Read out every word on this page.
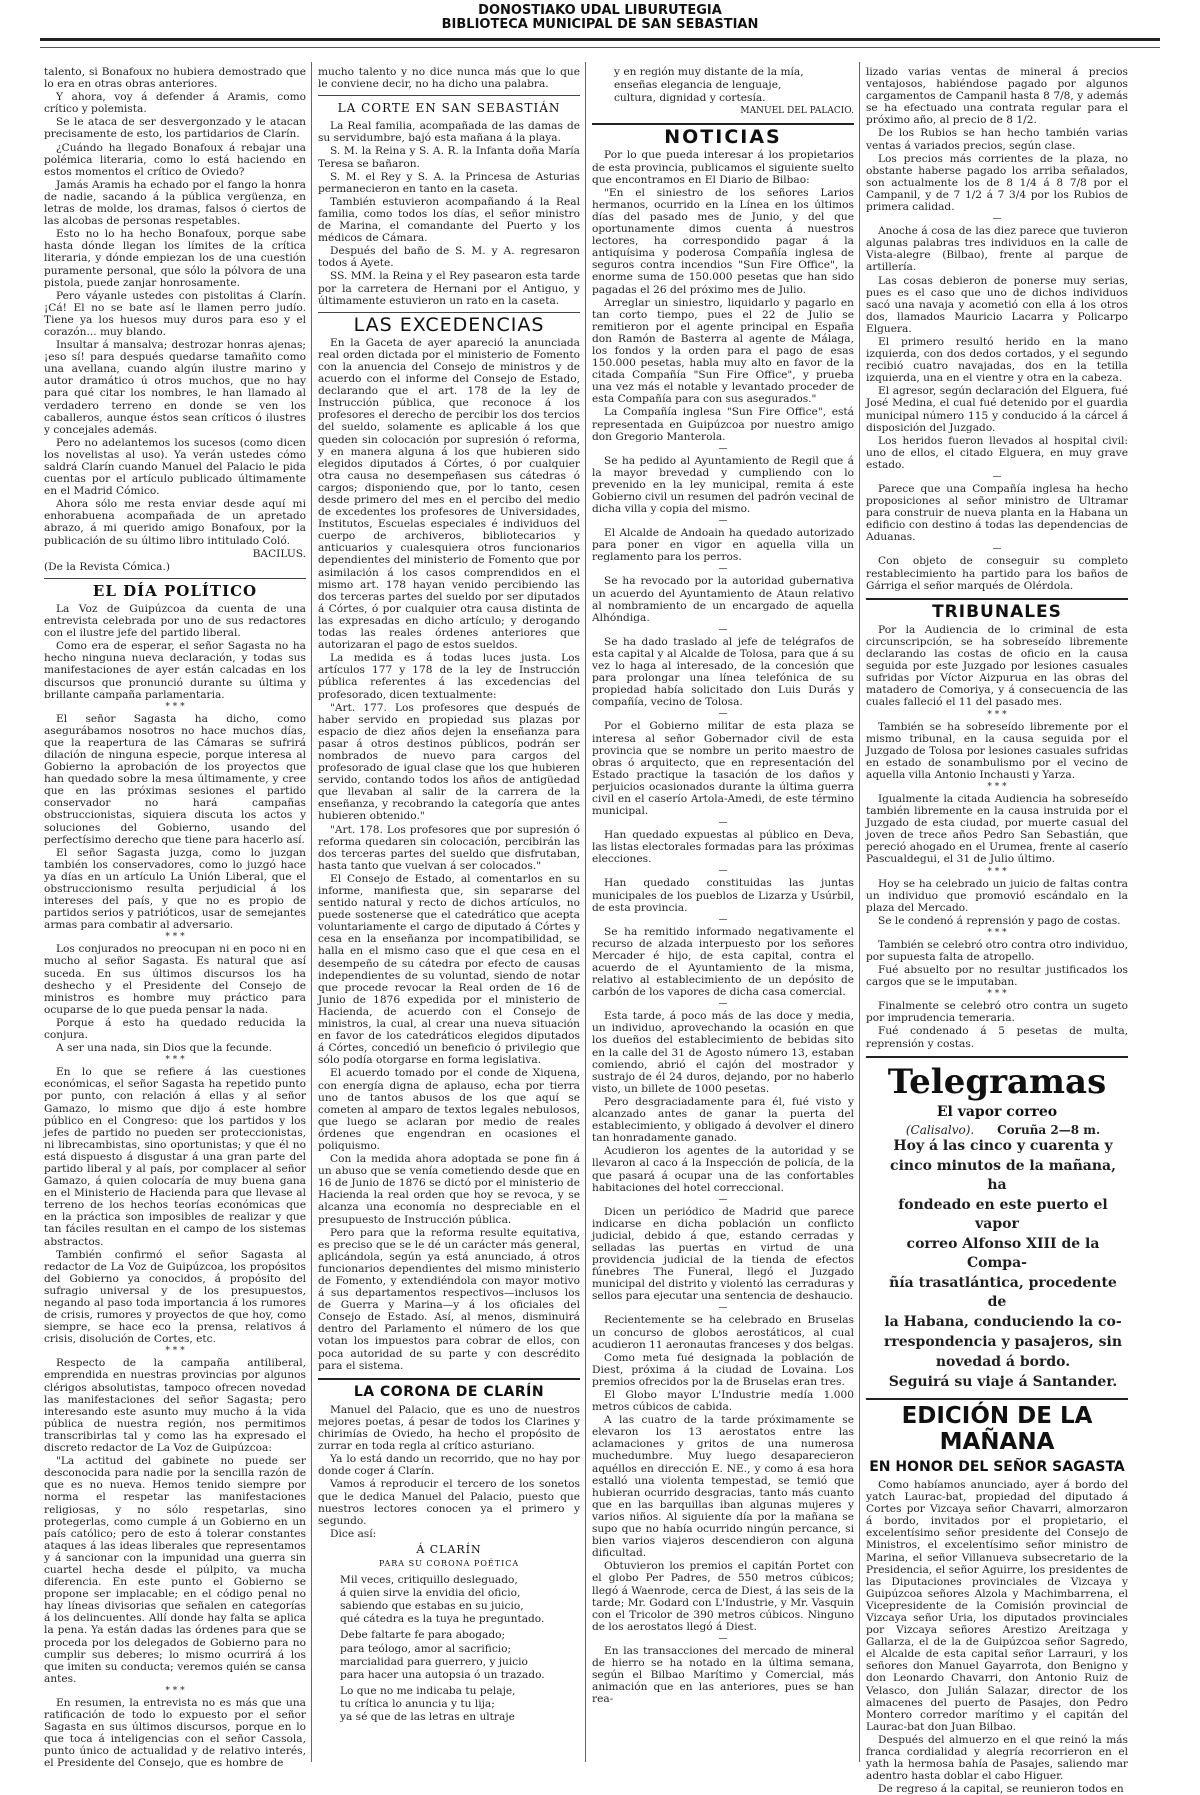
DONOSTIAKO UDAL LIBURUTEGIA
BIBLIOTECA MUNICIPAL DE SAN SEBASTIAN

talento, si Bonafoux no hubiera demostrado que lo era en otras obras anteriores.

Y ahora, voy á defender á Aramis, como crítico y polemista.

Se le ataca de ser desvergonzado y le atacan precisamente de esto, los partidarios de Clarín.

¿Cuándo ha llegado Bonafoux á rebajar una polémica literaria, como lo está haciendo en estos momentos el crítico de Oviedo?

Jamás Aramis ha echado por el fango la honra de nadie, sacando á la pública vergüenza, en letras de molde, los dramas, falsos ó ciertos de las alcobas de personas respetables.

Esto no lo ha hecho Bonafoux, porque sabe hasta dónde llegan los límites de la crítica literaria, y dónde empiezan los de una cuestión puramente personal, que sólo la pólvora de una pistola, puede zanjar honrosamente.

Pero váyanle ustedes con pistolitas á Clarín. ¡Cá! El no se bate así le llamen perro judío. Tiene ya los huesos muy duros para eso y el corazón... muy blando.

Insultar á mansalva; destrozar honras ajenas; ¡eso sí! para después quedarse tamañito como una avellana, cuando algún ilustre marino y autor dramático ú otros muchos, que no hay para qué citar los nombres, le han llamado al verdadero terreno en donde se ven los caballeros, aunque éstos sean críticos ó ilustres y concejales además.

Pero no adelantemos los sucesos (como dicen los novelistas al uso). Ya verán ustedes cómo saldrá Clarín cuando Manuel del Palacio le pida cuentas por el artículo publicado últimamente en el Madrid Cómico.

Ahora sólo me resta enviar desde aquí mi enhorabuena acompañada de un apretado abrazo, á mi querido amigo Bonafoux, por la publicación de su último libro intitulado Coló.

BACILUS.

(De la Revista Cómica.)

EL DÍA POLÍTICO

La Voz de Guipúzcoa da cuenta de una entrevista celebrada por uno de sus redactores con el ilustre jefe del partido liberal.

Como era de esperar, el señor Sagasta no ha hecho ninguna nueva declaración, y todas sus manifestaciones de ayer están calcadas en los discursos que pronunció durante su última y brillante campaña parlamentaria.

* * *

El señor Sagasta ha dicho, como asegurábamos nosotros no hace muchos días, que la reapertura de las Cámaras se sufrirá dilación de ninguna especie, porque interesa al Gobierno la aprobación de los proyectos que han quedado sobre la mesa últimamente, y cree que en las próximas sesiones el partido conservador no hará campañas obstruccionistas, siquiera discuta los actos y soluciones del Gobierno, usando del perfectísimo derecho que tiene para hacerlo así.

El señor Sagasta juzga, como lo juzgan también los conservadores, como lo juzgó hace ya días en un artículo La Unión Liberal, que el obstruccionismo resulta perjudicial á los intereses del país, y que no es propio de partidos serios y patrióticos, usar de semejantes armas para combatir al adversario.

* * *

Los conjurados no preocupan ni en poco ni en mucho al señor Sagasta. Es natural que así suceda. En sus últimos discursos los ha deshecho y el Presidente del Consejo de ministros es hombre muy práctico para ocuparse de lo que pueda pensar la nada.

Porque á esto ha quedado reducida la conjura.

A ser una nada, sin Dios que la fecunde.

* * *

En lo que se refiere á las cuestiones económicas, el señor Sagasta ha repetido punto por punto, con relación á ellas y al señor Gamazo, lo mismo que dijo á este hombre público en el Congreso: que los partidos y los jefes de partido no pueden ser proteccionistas, ni librecambistas, sino oportunistas; y que él no está dispuesto á disgustar á una gran parte del partido liberal y al país, por complacer al señor Gamazo, á quien colocaría de muy buena gana en el Ministerio de Hacienda para que llevase al terreno de los hechos teorías económicas que en la práctica son imposibles de realizar y que tan fáciles resultan en el campo de los sistemas abstractos.

También confirmó el señor Sagasta al redactor de La Voz de Guipúzcoa, los propósitos del Gobierno ya conocidos, á propósito del sufragio universal y de los presupuestos, negando al paso toda importancia á los rumores de crisis, rumores y proyectos de que hoy, como siempre, se hace eco la prensa, relativos á crisis, disolución de Cortes, etc.

* * *

Respecto de la campaña antiliberal, emprendida en nuestras provincias por algunos clérigos absolutistas, tampoco ofrecen novedad las manifestaciones del señor Sagasta; pero interesando este asunto muy mucho á la vida pública de nuestra región, nos permitimos transcribirlas tal y como las ha expresado el discreto redactor de La Voz de Guipúzcoa:

"La actitud del gabinete no puede ser desconocida para nadie por la sencilla razón de que es no nueva. Hemos tenido siempre por norma el respetar las manifestaciones religiosas, y no sólo respetarlas, sino protegerlas, como cumple á un Gobierno en un país católico; pero de esto á tolerar constantes ataques á las ideas liberales que representamos y á sancionar con la impunidad una guerra sin cuartel hecha desde el púlpito, va mucha diferencia. En este punto el Gobierno se propone ser implacable; en el código penal no hay líneas divisorias que señalen en categorías á los delincuentes. Allí donde hay falta se aplica la pena. Ya están dadas las órdenes para que se proceda por los delegados de Gobierno para no cumplir sus deberes; lo mismo ocurrirá á los que imiten su conducta; veremos quién se cansa antes.

* * *

En resumen, la entrevista no es más que una ratificación de todo lo expuesto por el señor Sagasta en sus últimos discursos, porque en lo que toca á inteligencias con el señor Cassola, punto único de actualidad y de relativo interés, el Presidente del Consejo, que es hombre de

mucho talento y no dice nunca más que lo que le conviene decir, no ha dicho una palabra.

LA CORTE EN SAN SEBASTIÁN

La Real familia, acompañada de las damas de su servidumbre, bajó esta mañana á la playa.

S. M. la Reina y S. A. R. la Infanta doña María Teresa se bañaron.

S. M. el Rey y S. A. la Princesa de Asturias permanecieron en tanto en la caseta.

También estuvieron acompañando á la Real familia, como todos los días, el señor ministro de Marina, el comandante del Puerto y los médicos de Cámara.

Después del baño de S. M. y A. regresaron todos á Ayete.

SS. MM. la Reina y el Rey pasearon esta tarde por la carretera de Hernani por el Antiguo, y últimamente estuvieron un rato en la caseta.

LAS EXCEDENCIAS

En la Gaceta de ayer apareció la anunciada real orden dictada por el ministerio de Fomento con la anuencia del Consejo de ministros y de acuerdo con el informe del Consejo de Estado, declarando que el art. 178 de la ley de Instrucción pública, que reconoce á los profesores el derecho de percibir los dos tercios del sueldo, solamente es aplicable á los que queden sin colocación por supresión ó reforma, y en manera alguna á los que hubieren sido elegidos diputados á Córtes, ó por cualquier otra causa no desempeñasen sus cátedras ó cargos; disponiendo que, por lo tanto, cesen desde primero del mes en el percibo del medio de excedentes los profesores de Universidades, Institutos, Escuelas especiales é individuos del cuerpo de archiveros, bibliotecarios y anticuarios y cualesquiera otros funcionarios dependientes del ministerio de Fomento que por asimilación á los casos comprendidos en el mismo art. 178 hayan venido percibiendo las dos terceras partes del sueldo por ser diputados á Córtes, ó por cualquier otra causa distinta de las expresadas en dicho artículo; y derogando todas las reales órdenes anteriores que autorizaran el pago de estos sueldos.

La medida es á todas luces justa. Los artículos 177 y 178 de la ley de Instrucción pública referentes á las excedencias del profesorado, dicen textualmente:

"Art. 177. Los profesores que después de haber servido en propiedad sus plazas por espacio de diez años dejen la enseñanza para pasar á otros destinos públicos, podrán ser nombrados de nuevo para cargos del profesorado de igual clase que los que hubieren servido, contando todos los años de antigüedad que llevaban al salir de la carrera de la enseñanza, y recobrando la categoría que antes hubieren obtenido."

"Art. 178. Los profesores que por supresión ó reforma quedaren sin colocación, percibirán las dos terceras partes del sueldo que disfrutaban, hasta tanto que vuelvan á ser colocados."

El Consejo de Estado, al comentarlos en su informe, manifiesta que, sin separarse del sentido natural y recto de dichos artículos, no puede sostenerse que el catedrático que acepta voluntariamente el cargo de diputado á Córtes y cesa en la enseñanza por incompatibilidad, se halla en el mismo caso que el que cesa en el desempeño de su cátedra por efecto de causas independientes de su voluntad, siendo de notar que procede revocar la Real orden de 16 de Junio de 1876 expedida por el ministerio de Hacienda, de acuerdo con el Consejo de ministros, la cual, al crear una nueva situación en favor de los catedráticos elegidos diputados á Córtes, concedió un beneficio ó privilegio que sólo podía otorgarse en forma legislativa.

El acuerdo tomado por el conde de Xiquena, con energía digna de aplauso, echa por tierra uno de tantos abusos de los que aquí se cometen al amparo de textos legales nebulosos, que luego se aclaran por medio de reales órdenes que engendran en ocasiones el poliquismo.

Con la medida ahora adoptada se pone fin á un abuso que se venía cometiendo desde que en 16 de Junio de 1876 se dictó por el ministerio de Hacienda la real orden que hoy se revoca, y se alcanza una economía no despreciable en el presupuesto de Instrucción pública.

Pero para que la reforma resulte equitativa, es preciso que se le dé un carácter más general, aplicándola, según ya está anunciado, á otros funcionarios dependientes del mismo ministerio de Fomento, y extendiéndola con mayor motivo á sus departamentos respectivos—inclusos los de Guerra y Marina—y á los oficiales del Consejo de Estado. Así, al menos, disminuirá dentro del Parlamento el número de los que votan los impuestos para cobrar de ellos, con poca autoridad de su parte y con descrédito para el sistema.

LA CORONA DE CLARÍN

Manuel del Palacio, que es uno de nuestros mejores poetas, á pesar de todos los Clarines y chirimías de Oviedo, ha hecho el propósito de zurrar en toda regla al crítico asturiano.

Ya lo está dando un recorrido, que no hay por donde coger á Clarín.

Vamos á reproducir el tercero de los sonetos que le dedica Manuel del Palacio, puesto que nuestros lectores conocen ya el primero y segundo.

Dice así:

Á CLARÍN
PARA SU CORONA POÉTICA

Mil veces, critiquillo desleguado,

á quien sirve la envidia del oficio,

sabiendo que estabas en su juicio,

qué cátedra es la tuya he preguntado.

Debe faltarte fe para abogado;

para teólogo, amor al sacrificio;

marcialidad para guerrero, y juicio

para hacer una autopsia ó un trazado.

Lo que no me indicaba tu pelaje,

tu crítica lo anuncia y tu lija;

ya sé que de las letras en ultraje

y en región muy distante de la mía,

enseñas elegancia de lenguaje,

cultura, dignidad y cortesía.

MANUEL DEL PALACIO.

NOTICIAS

Por lo que pueda interesar á los propietarios de esta provincia, publicamos el siguiente suelto que encontramos en El Diario de Bilbao:

"En el siniestro de los señores Larios hermanos, ocurrido en la Línea en los últimos días del pasado mes de Junio, y del que oportunamente dimos cuenta á nuestros lectores, ha correspondido pagar á la antiquísima y poderosa Compañía inglesa de seguros contra incendios "Sun Fire Office", la enorme suma de 150.000 pesetas que han sido pagadas el 26 del próximo mes de Julio.

Arreglar un siniestro, liquidarlo y pagarlo en tan corto tiempo, pues el 22 de Julio se remitieron por el agente principal en España don Ramón de Basterra al agente de Málaga, los fondos y la orden para el pago de esas 150.000 pesetas, habla muy alto en favor de la citada Compañía "Sun Fire Office", y prueba una vez más el notable y levantado proceder de esta Compañía para con sus asegurados."

La Compañía inglesa "Sun Fire Office", está representada en Guipúzcoa por nuestro amigo don Gregorio Manterola.

—

Se ha pedido al Ayuntamiento de Regil que á la mayor brevedad y cumpliendo con lo prevenido en la ley municipal, remita á este Gobierno civil un resumen del padrón vecinal de dicha villa y copia del mismo.

—

El Alcalde de Andoain ha quedado autorizado para poner en vigor en aquella villa un reglamento para los perros.

—

Se ha revocado por la autoridad gubernativa un acuerdo del Ayuntamiento de Ataun relativo al nombramiento de un encargado de aquella Alhóndiga.

—

Se ha dado traslado al jefe de telégrafos de esta capital y al Alcalde de Tolosa, para que á su vez lo haga al interesado, de la concesión que para prolongar una línea telefónica de su propiedad había solicitado don Luis Durás y compañía, vecino de Tolosa.

—

Por el Gobierno militar de esta plaza se interesa al señor Gobernador civil de esta provincia que se nombre un perito maestro de obras ó arquitecto, que en representación del Estado practique la tasación de los daños y perjuicios ocasionados durante la última guerra civil en el caserío Artola-Amedi, de este término municipal.

—

Han quedado expuestas al público en Deva, las listas electorales formadas para las próximas elecciones.

—

Han quedado constituidas las juntas municipales de los pueblos de Lizarza y Usúrbil, de esta provincia.

—

Se ha remitido informado negativamente el recurso de alzada interpuesto por los señores Mercader é hijo, de esta capital, contra el acuerdo de el Ayuntamiento de la misma, relativo al establecimiento de un depósito de carbón de los vapores de dicha casa comercial.

—

Esta tarde, á poco más de las doce y media, un individuo, aprovechando la ocasión en que los dueños del establecimiento de bebidas sito en la calle del 31 de Agosto número 13, estaban comiendo, abrió el cajón del mostrador y sustrajo de él 24 duros, dejando, por no haberlo visto, un billete de 1000 pesetas.

Pero desgraciadamente para él, fué visto y alcanzado antes de ganar la puerta del establecimiento, y obligado á devolver el dinero tan honradamente ganado.

Acudieron los agentes de la autoridad y se llevaron al caco á la Inspección de policía, de la que pasará á ocupar una de las confortables habitaciones del hotel correccional.

—

Dicen un periódico de Madrid que parece indicarse en dicha población un conflicto judicial, debido á que, estando cerradas y selladas las puertas en virtud de una providencia judicial de la tienda de efectos fúnebres The Funeral, llegó el Juzgado municipal del distrito y violentó las cerraduras y sellos para ejecutar una sentencia de deshaucio.

—

Recientemente se ha celebrado en Bruselas un concurso de globos aerostáticos, al cual acudieron 11 aeronautas franceses y dos belgas.

Como meta fué designada la población de Diest, próxima á la ciudad de Lovaina. Los premios ofrecidos por la de Bruselas eran tres.

El Globo mayor L'Industrie medía 1.000 metros cúbicos de cabida.

A las cuatro de la tarde próximamente se elevaron los 13 aerostatos entre las aclamaciones y gritos de una numerosa muchedumbre. Muy luego desaparecieron aquéllos en dirección E. NE., y como á esa hora estalló una violenta tempestad, se temió que hubieran ocurrido desgracias, tanto más cuanto que en las barquillas iban algunas mujeres y varios niños. Al siguiente día por la mañana se supo que no había ocurrido ningún percance, si bien varios viajeros descendieron con alguna dificultad.

Obtuvieron los premios el capitán Portet con el globo Per Padres, de 550 metros cúbicos; llegó á Waenrode, cerca de Diest, á las seis de la tarde; Mr. Godard con L'Industrie, y Mr. Vasquin con el Tricolor de 390 metros cúbicos. Ninguno de los aerostatos llegó á Diest.

—

En las transacciones del mercado de mineral de hierro se ha notado en la última semana, según el Bilbao Marítimo y Comercial, más animación que en las anteriores, pues se han rea-

lizado varias ventas de mineral á precios ventajosos, habiéndose pagado por algunos cargamentos de Campanil hasta 8 7/8, y además se ha efectuado una contrata regular para el próximo año, al precio de 8 1/2.

De los Rubios se han hecho también varias ventas á variados precios, según clase.

Los precios más corrientes de la plaza, no obstante haberse pagado los arriba señalados, son actualmente los de 8 1/4 á 8 7/8 por el Campanil, y de 7 1/2 á 7 3/4 por los Rubios de primera calidad.

—

Anoche á cosa de las diez parece que tuvieron algunas palabras tres individuos en la calle de Vista-alegre (Bilbao), frente al parque de artillería.

Las cosas debieron de ponerse muy serias, pues es el caso que uno de dichos individuos sacó una navaja y acometió con ella á los otros dos, llamados Mauricio Lacarra y Policarpo Elguera.

El primero resultó herido en la mano izquierda, con dos dedos cortados, y el segundo recibió cuatro navajadas, dos en la tetilla izquierda, una en el vientre y otra en la cabeza.

El agresor, según declaración del Elguera, fué José Medina, el cual fué detenido por el guardia municipal número 115 y conducido á la cárcel á disposición del Juzgado.

Los heridos fueron llevados al hospital civil: uno de ellos, el citado Elguera, en muy grave estado.

—

Parece que una Compañía inglesa ha hecho proposiciones al señor ministro de Ultramar para construir de nueva planta en la Habana un edificio con destino á todas las dependencias de Aduanas.

—

Con objeto de conseguir su completo restablecimiento ha partido para los baños de Gárriga el señor marqués de Olérdola.

TRIBUNALES

Por la Audiencia de lo criminal de esta circunscripción, se ha sobreseído libremente declarando las costas de oficio en la causa seguida por este Juzgado por lesiones casuales sufridas por Víctor Aizpurua en las obras del matadero de Comoriya, y á consecuencia de las cuales falleció el 11 del pasado mes.

* * *

También se ha sobreseído libremente por el mismo tribunal, en la causa seguida por el Juzgado de Tolosa por lesiones casuales sufridas en estado de sonambulismo por el vecino de aquella villa Antonio Inchausti y Yarza.

* * *

Igualmente la citada Audiencia ha sobreseído también libremente en la causa instruida por el Juzgado de esta ciudad, por muerte casual del joven de trece años Pedro San Sebastián, que pereció ahogado en el Urumea, frente al caserío Pascualdegui, el 31 de Julio último.

* * *

Hoy se ha celebrado un juicio de faltas contra un individuo que promovió escándalo en la plaza del Mercado.

Se le condenó á reprensión y pago de costas.

* * *

También se celebró otro contra otro individuo, por supuesta falta de atropello.

Fué absuelto por no resultar justificados los cargos que se le imputaban.

* * *

Finalmente se celebró otro contra un sugeto por imprudencia temeraria.

Fué condenado á 5 pesetas de multa, reprensión y costas.

Telegramas
El vapor correo

(Calisalvo). Coruña 2—8 m.

Hoy á las cinco y cuarenta y

cinco minutos de la mañana, ha

fondeado en este puerto el vapor

correo Alfonso XIII de la Compa-

ñía trasatlántica, procedente de

la Habana, conduciendo la co-

rrespondencia y pasajeros, sin

novedad á bordo.

Seguirá su viaje á Santander.

EDICIÓN DE LA MAÑANA
EN HONOR DEL SEÑOR SAGASTA

Como habíamos anunciado, ayer á bordo del yatch Laurac-bat, propiedad del diputado á Cortes por Vizcaya señor Chavarri, almorzaron á bordo, invitados por el propietario, el excelentísimo señor presidente del Consejo de Ministros, el excelentísimo señor ministro de Marina, el señor Villanueva subsecretario de la Presidencia, el señor Aguirre, los presidentes de las Diputaciones provinciales de Vizcaya y Guipúzcoa señores Alzola y Machimbarrena, el Vicepresidente de la Comisión provincial de Vizcaya señor Uria, los diputados provinciales por Vizcaya señores Arestizo Areitzaga y Gallarza, el de la de Guipúzcoa señor Sagredo, el Alcalde de esta capital señor Larrauri, y los señores don Manuel Gayarrota, don Benigno y don Leonardo Chavarri, don Antonio Ruiz de Velasco, don Julián Salazar, director de los almacenes del puerto de Pasajes, don Pedro Montero corredor marítimo y el capitán del Laurac-bat don Juan Bilbao.

Después del almuerzo en el que reinó la más franca cordialidad y alegría recorrieron en el yath la hermosa bahía de Pasajes, saliendo mar adentro hasta doblar el cabo Higuer.

De regreso á la capital, se reunieron todos en
